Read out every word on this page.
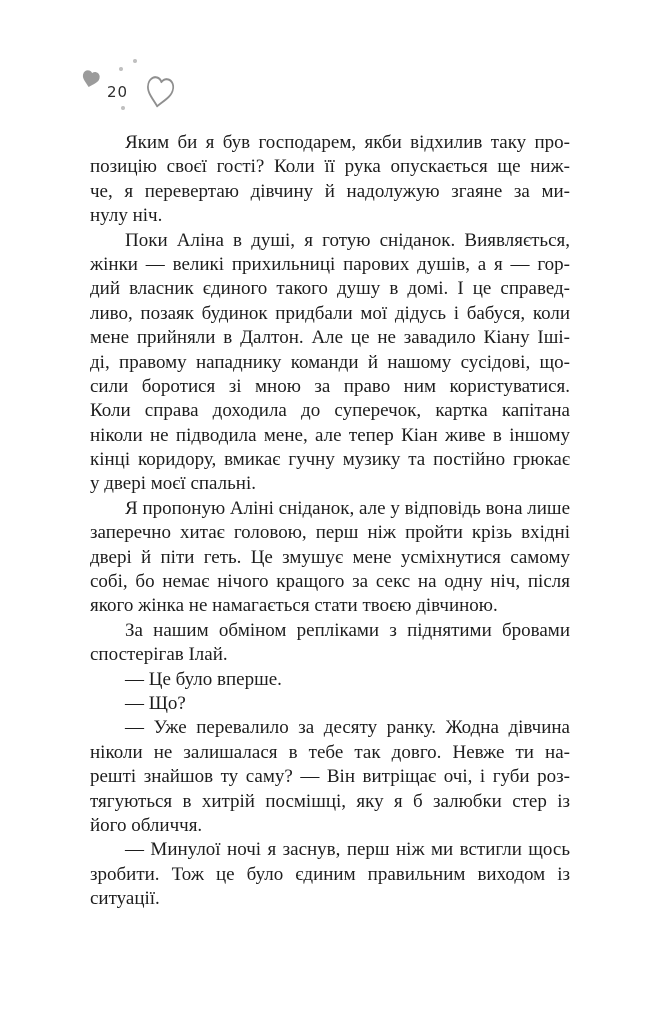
20
Яким би я був господарем, якби відхилив таку про-
позицію своєї гості? Коли її рука опускається ще ниж-
че, я перевертаю дівчину й надолужую згаяне за ми-
нулу ніч.
Поки Аліна в душі, я готую сніданок. Виявляється,
жінки — великі прихильниці парових душів, а я — гор-
дий власник єдиного такого душу в домі. І це справед-
ливо, позаяк будинок придбали мої дідусь і бабуся, коли
мене прийняли в Далтон. Але це не завадило Кіану Іші-
ді, правому нападнику команди й нашому сусідові, що-
сили боротися зі мною за право ним користуватися.
Коли справа доходила до суперечок, картка капітана
ніколи не підводила мене, але тепер Кіан живе в іншому
кінці коридору, вмикає гучну музику та постійно грюкає
у двері моєї спальні.
Я пропоную Аліні сніданок, але у відповідь вона лише
заперечно хитає головою, перш ніж пройти крізь вхідні
двері й піти геть. Це змушує мене усміхнутися самому
собі, бо немає нічого кращого за секс на одну ніч, після
якого жінка не намагається стати твоєю дівчиною.
За нашим обміном репліками з піднятими бровами
спостерігав Ілай.
— Це було вперше.
— Що?
— Уже перевалило за десяту ранку. Жодна дівчина
ніколи не залишалася в тебе так довго. Невже ти на-
решті знайшов ту саму? — Він витріщає очі, і губи роз-
тягуються в хитрій посмішці, яку я б залюбки стер із
його обличчя.
— Минулої ночі я заснув, перш ніж ми встигли щось
зробити. Тож це було єдиним правильним виходом із
ситуації.
